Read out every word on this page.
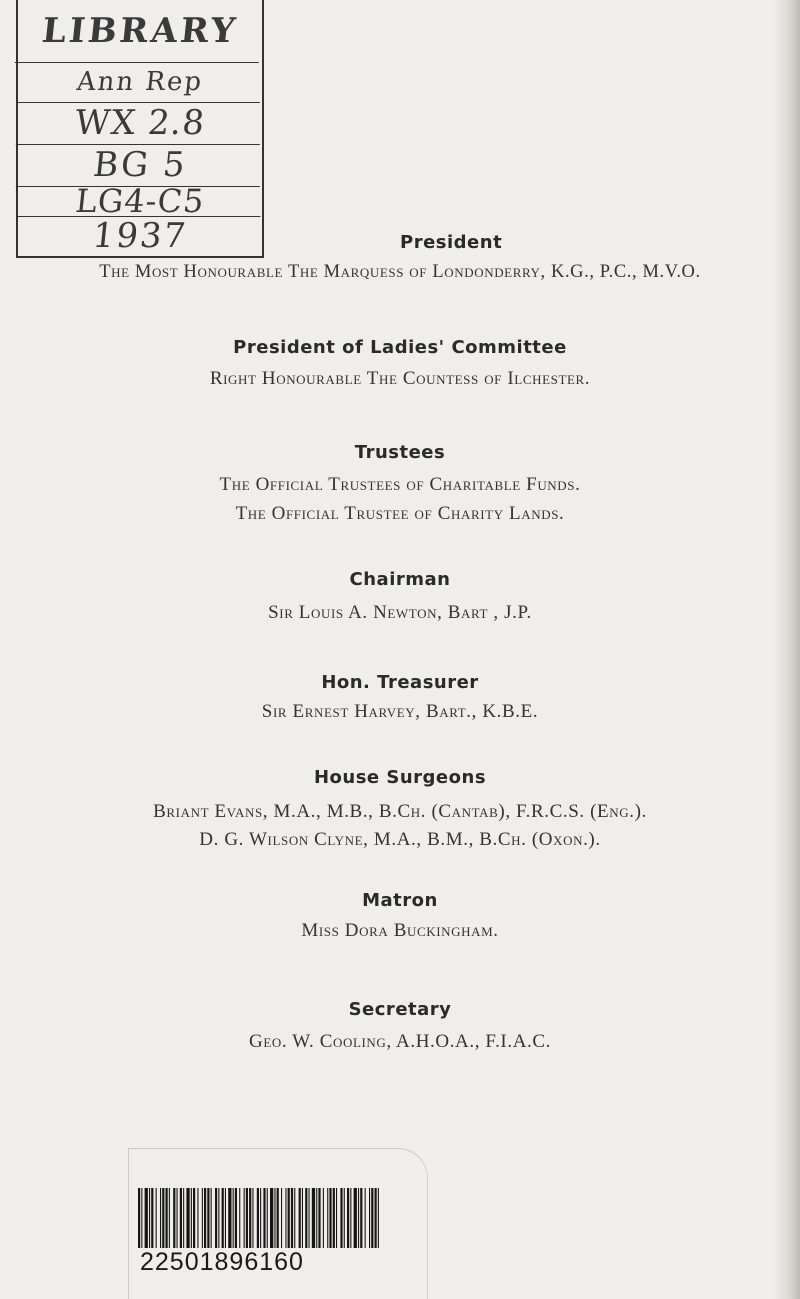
LIBRARY
Ann Rep
WX 2.8
BG 5
LG4-C5
1937	President
The Most Honourable The Marquess of Londonderry, K.G., P.C., M.V.O.
President of Ladies' Committee
Right Honourable The Countess of Ilchester.
Trustees
The Official Trustees of Charitable Funds.
The Official Trustee of Charity Lands.
Chairman
Sir Louis A. Newton, Bart , J.P.
Hon. Treasurer
Sir Ernest Harvey, Bart., K.B.E.
House Surgeons
Briant Evans, M.A., M.B., B.Ch. (Cantab), F.R.C.S. (Eng.).
D. G. Wilson Clyne, M.A., B.M., B.Ch. (Oxon.).
Matron
Miss Dora Buckingham.
Secretary
Geo. W. Cooling, A.H.O.A., F.I.A.C.
22501896160
